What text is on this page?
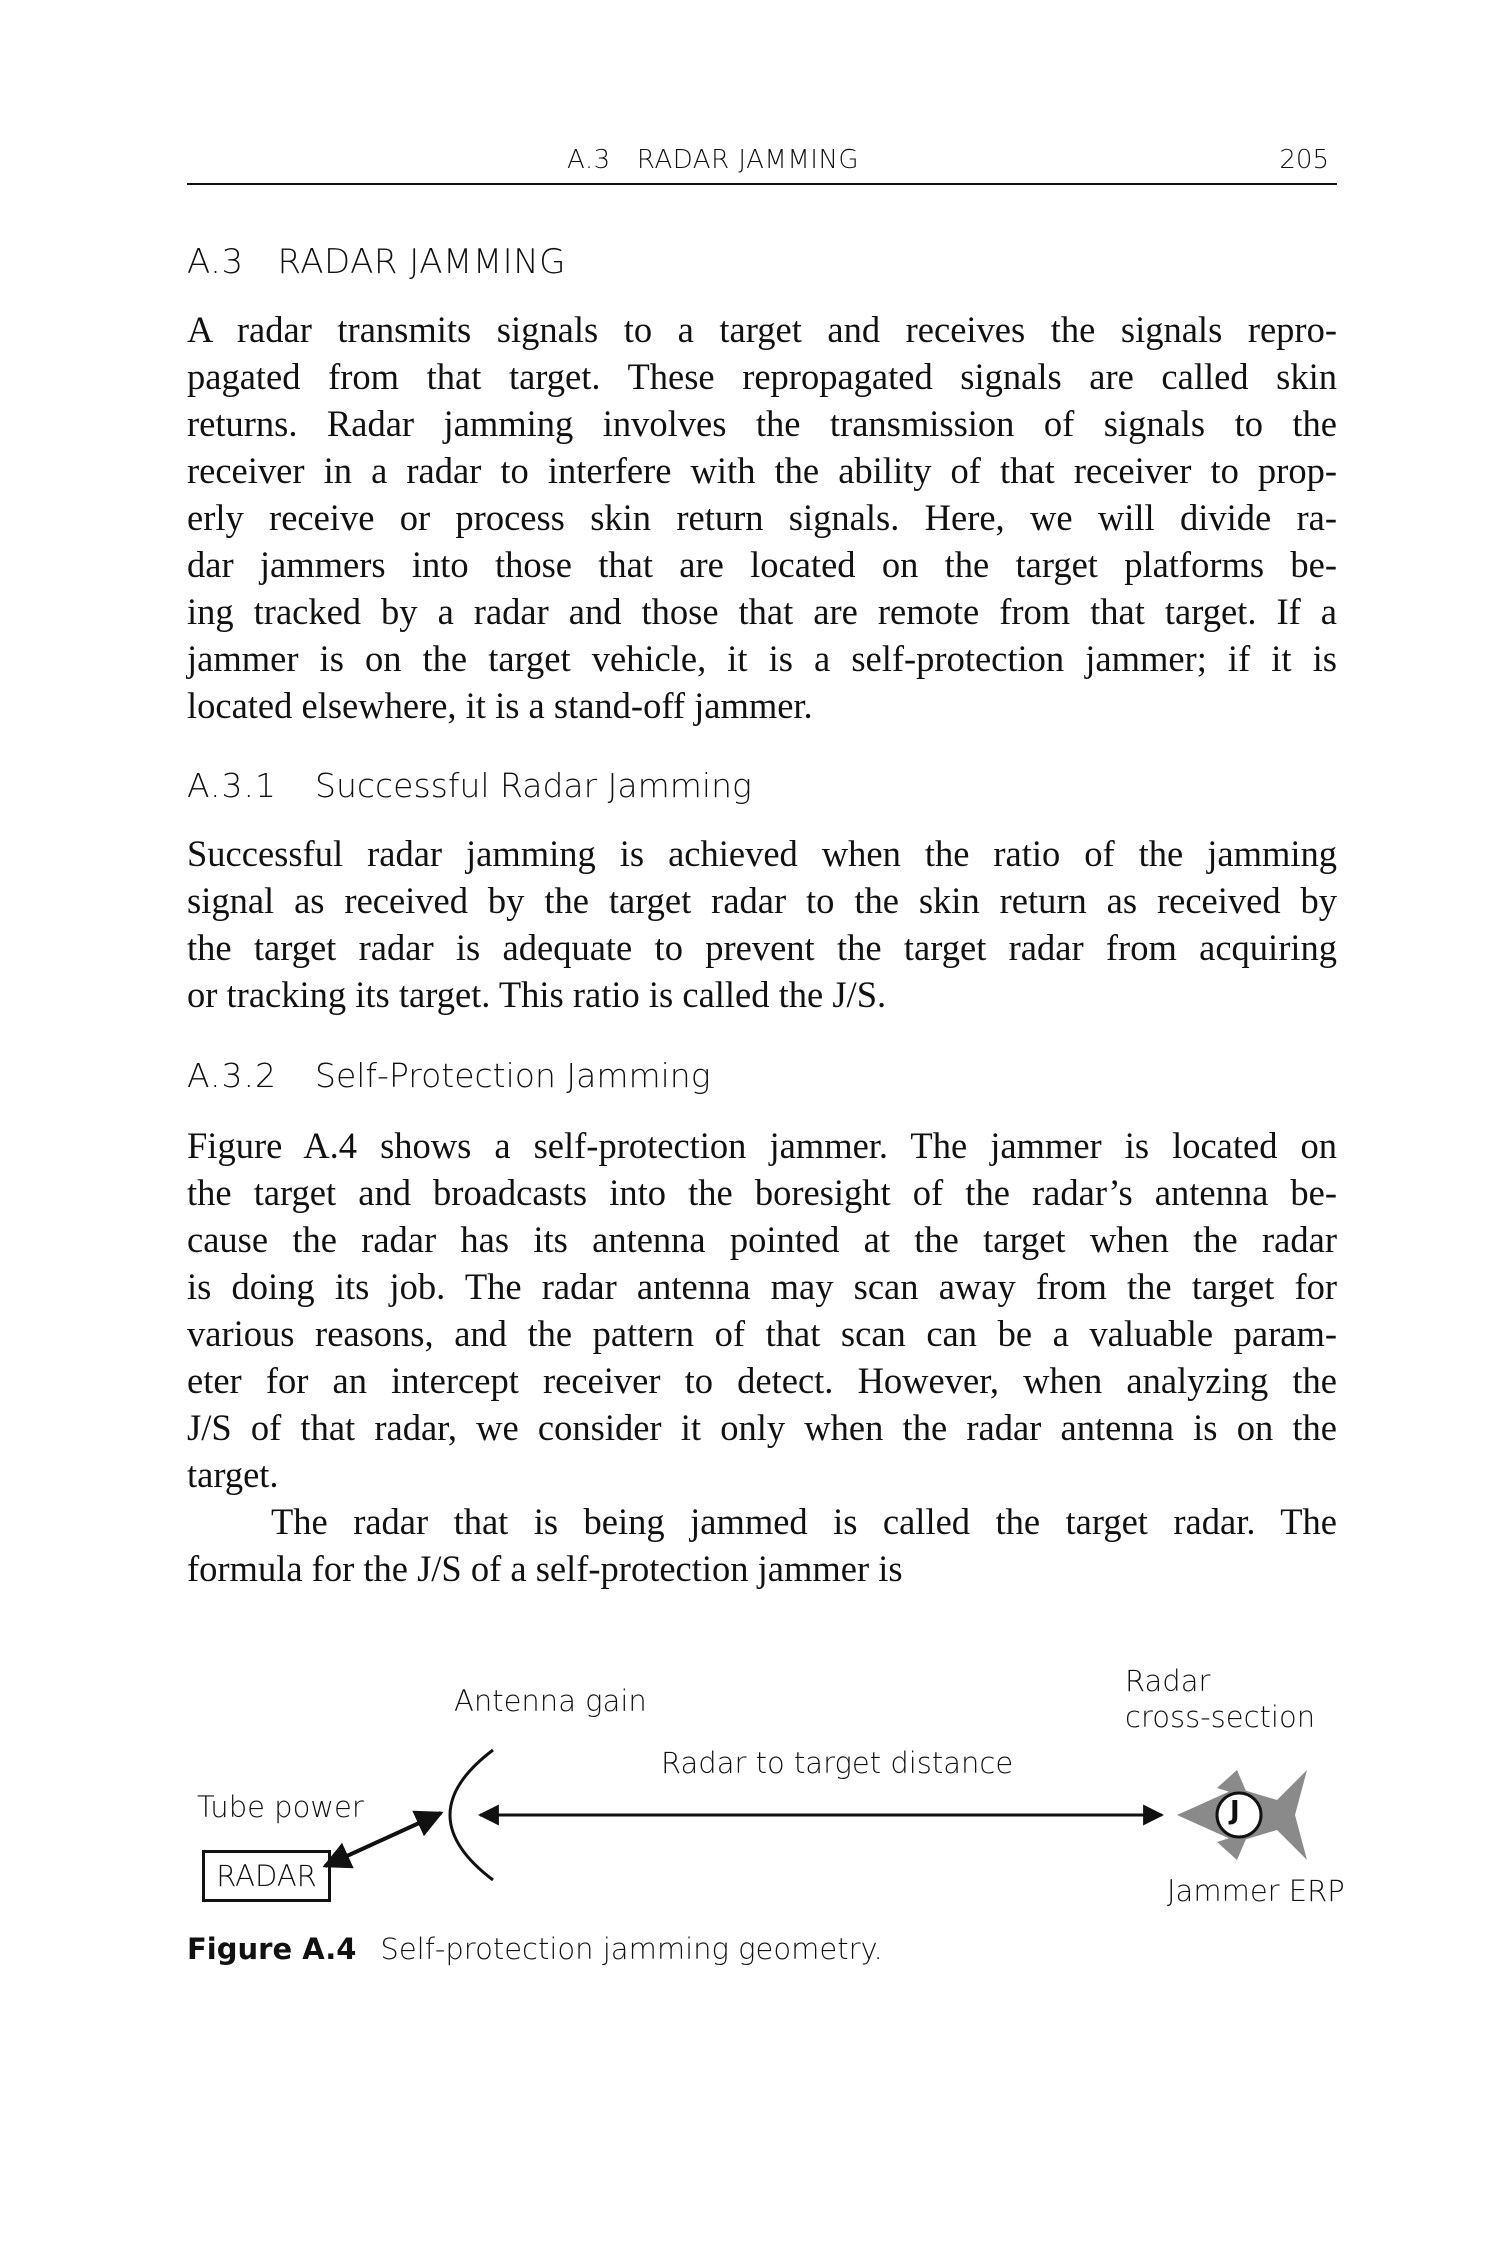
A.3   RADAR JAMMING	205
A.3   RADAR JAMMING
A radar transmits signals to a target and receives the signals repro-
pagated from that target. These repropagated signals are called skin
returns. Radar jamming involves the transmission of signals to the
receiver in a radar to interfere with the ability of that receiver to prop-
erly receive or process skin return signals. Here, we will divide ra-
dar jammers into those that are located on the target platforms be-
ing tracked by a radar and those that are remote from that target. If a
jammer is on the target vehicle, it is a self-protection jammer; if it is
located elsewhere, it is a stand-off jammer.
A.3.1 Successful Radar Jamming
Successful radar jamming is achieved when the ratio of the jamming
signal as received by the target radar to the skin return as received by
the target radar is adequate to prevent the target radar from acquiring
or tracking its target. This ratio is called the J/S.
A.3.2 Self-Protection Jamming
Figure A.4 shows a self-protection jammer. The jammer is located on
the target and broadcasts into the boresight of the radar’s antenna be-
cause the radar has its antenna pointed at the target when the radar
is doing its job. The radar antenna may scan away from the target for
various reasons, and the pattern of that scan can be a valuable param-
eter for an intercept receiver to detect. However, when analyzing the
J/S of that radar, we consider it only when the radar antenna is on the
target.
The radar that is being jammed is called the target radar. The
formula for the J/S of a self-protection jammer is
Antenna gain
Radar
cross-section
Radar to target distance
Tube power
RADAR
J
Jammer ERP
Figure A.4 Self-protection jamming geometry.
